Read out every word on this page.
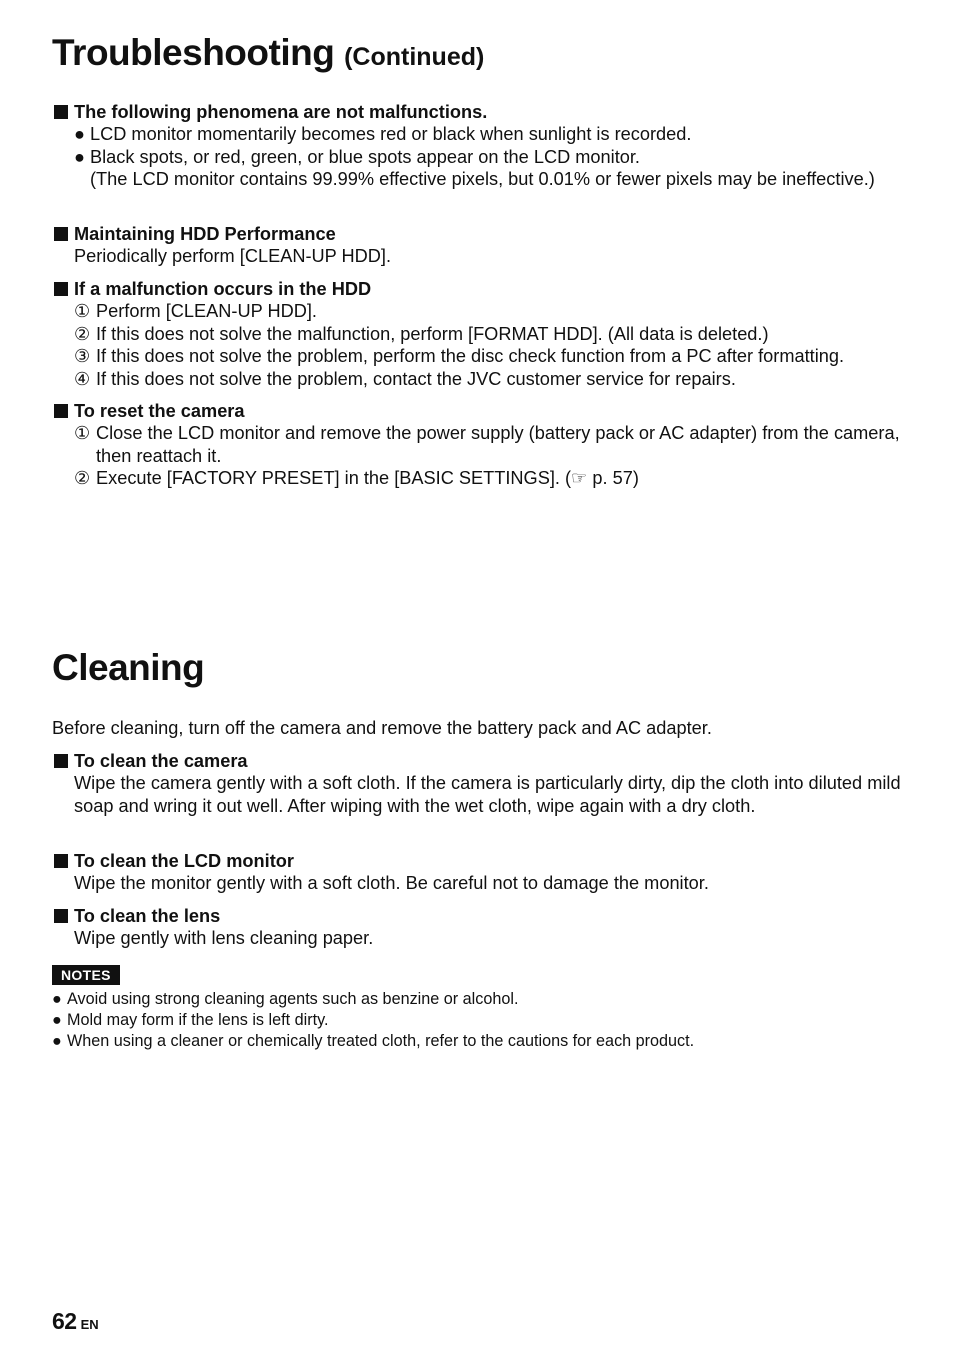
Troubleshooting (Continued)
The following phenomena are not malfunctions.
● LCD monitor momentarily becomes red or black when sunlight is recorded.
● Black spots, or red, green, or blue spots appear on the LCD monitor.
(The LCD monitor contains 99.99% effective pixels, but 0.01% or fewer pixels may be ineffective.)
Maintaining HDD Performance
Periodically perform [CLEAN-UP HDD].
If a malfunction occurs in the HDD
① Perform [CLEAN-UP HDD].
② If this does not solve the malfunction, perform [FORMAT HDD]. (All data is deleted.)
③ If this does not solve the problem, perform the disc check function from a PC after formatting.
④ If this does not solve the problem, contact the JVC customer service for repairs.
To reset the camera
① Close the LCD monitor and remove the power supply (battery pack or AC adapter) from the camera, then reattach it.
② Execute [FACTORY PRESET] in the [BASIC SETTINGS]. (☞ p. 57)
Cleaning
Before cleaning, turn off the camera and remove the battery pack and AC adapter.
To clean the camera
Wipe the camera gently with a soft cloth. If the camera is particularly dirty, dip the cloth into diluted mild soap and wring it out well. After wiping with the wet cloth, wipe again with a dry cloth.
To clean the LCD monitor
Wipe the monitor gently with a soft cloth. Be careful not to damage the monitor.
To clean the lens
Wipe gently with lens cleaning paper.
NOTES
● Avoid using strong cleaning agents such as benzine or alcohol.
● Mold may form if the lens is left dirty.
● When using a cleaner or chemically treated cloth, refer to the cautions for each product.
62 EN
